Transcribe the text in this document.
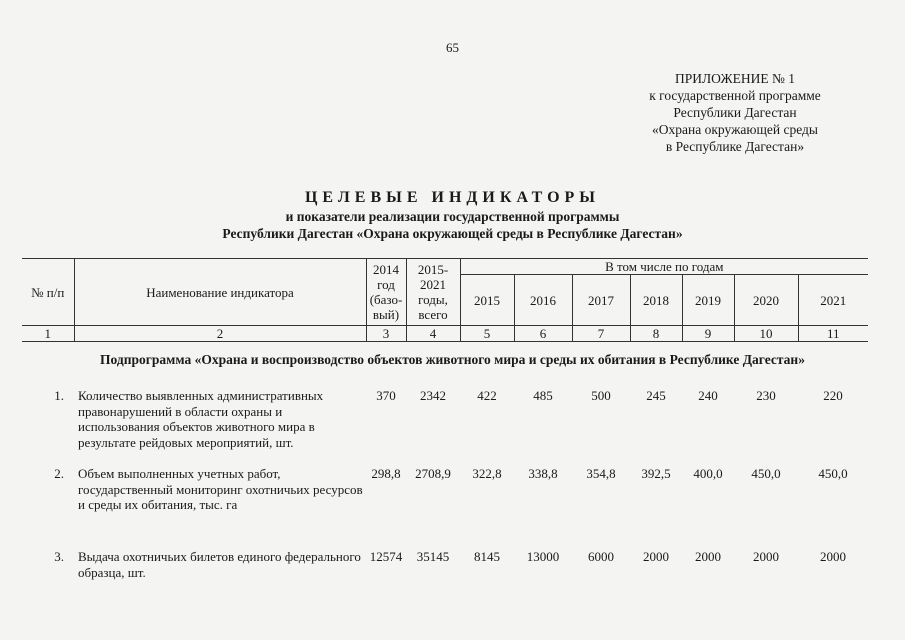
65
ПРИЛОЖЕНИЕ № 1
к государственной программе
Республики Дагестан
«Охрана окружающей среды
в Республике Дагестан»
ЦЕЛЕВЫЕ ИНДИКАТОРЫ
и показатели реализации государственной программы
Республики Дагестан «Охрана окружающей среды в Республике Дагестан»
№ п/п	Наименование индикатора	2014 год (базо-вый)	2015-2021 годы, всего	В том числе по годам						
				2015	2016	2017	2018	2019	2020	2021
1	2	3	4	5	6	7	8	9	10	11
Подпрограмма «Охрана и воспроизводство объектов животного мира и среды их обитания в Республике Дагестан»
1.	Количество выявленных административных правонарушений в области охраны и использования объектов животного мира в результате рейдовых мероприятий, шт.	370	2342	422	485	500	245	240	230	220
2.	Объем выполненных учетных работ, государственный мониторинг охотничьих ресурсов и среды их обитания, тыс. га	298,8	2708,9	322,8	338,8	354,8	392,5	400,0	450,0	450,0
3.	Выдача охотничьих билетов единого федерального образца, шт.	12574	35145	8145	13000	6000	2000	2000	2000	2000
